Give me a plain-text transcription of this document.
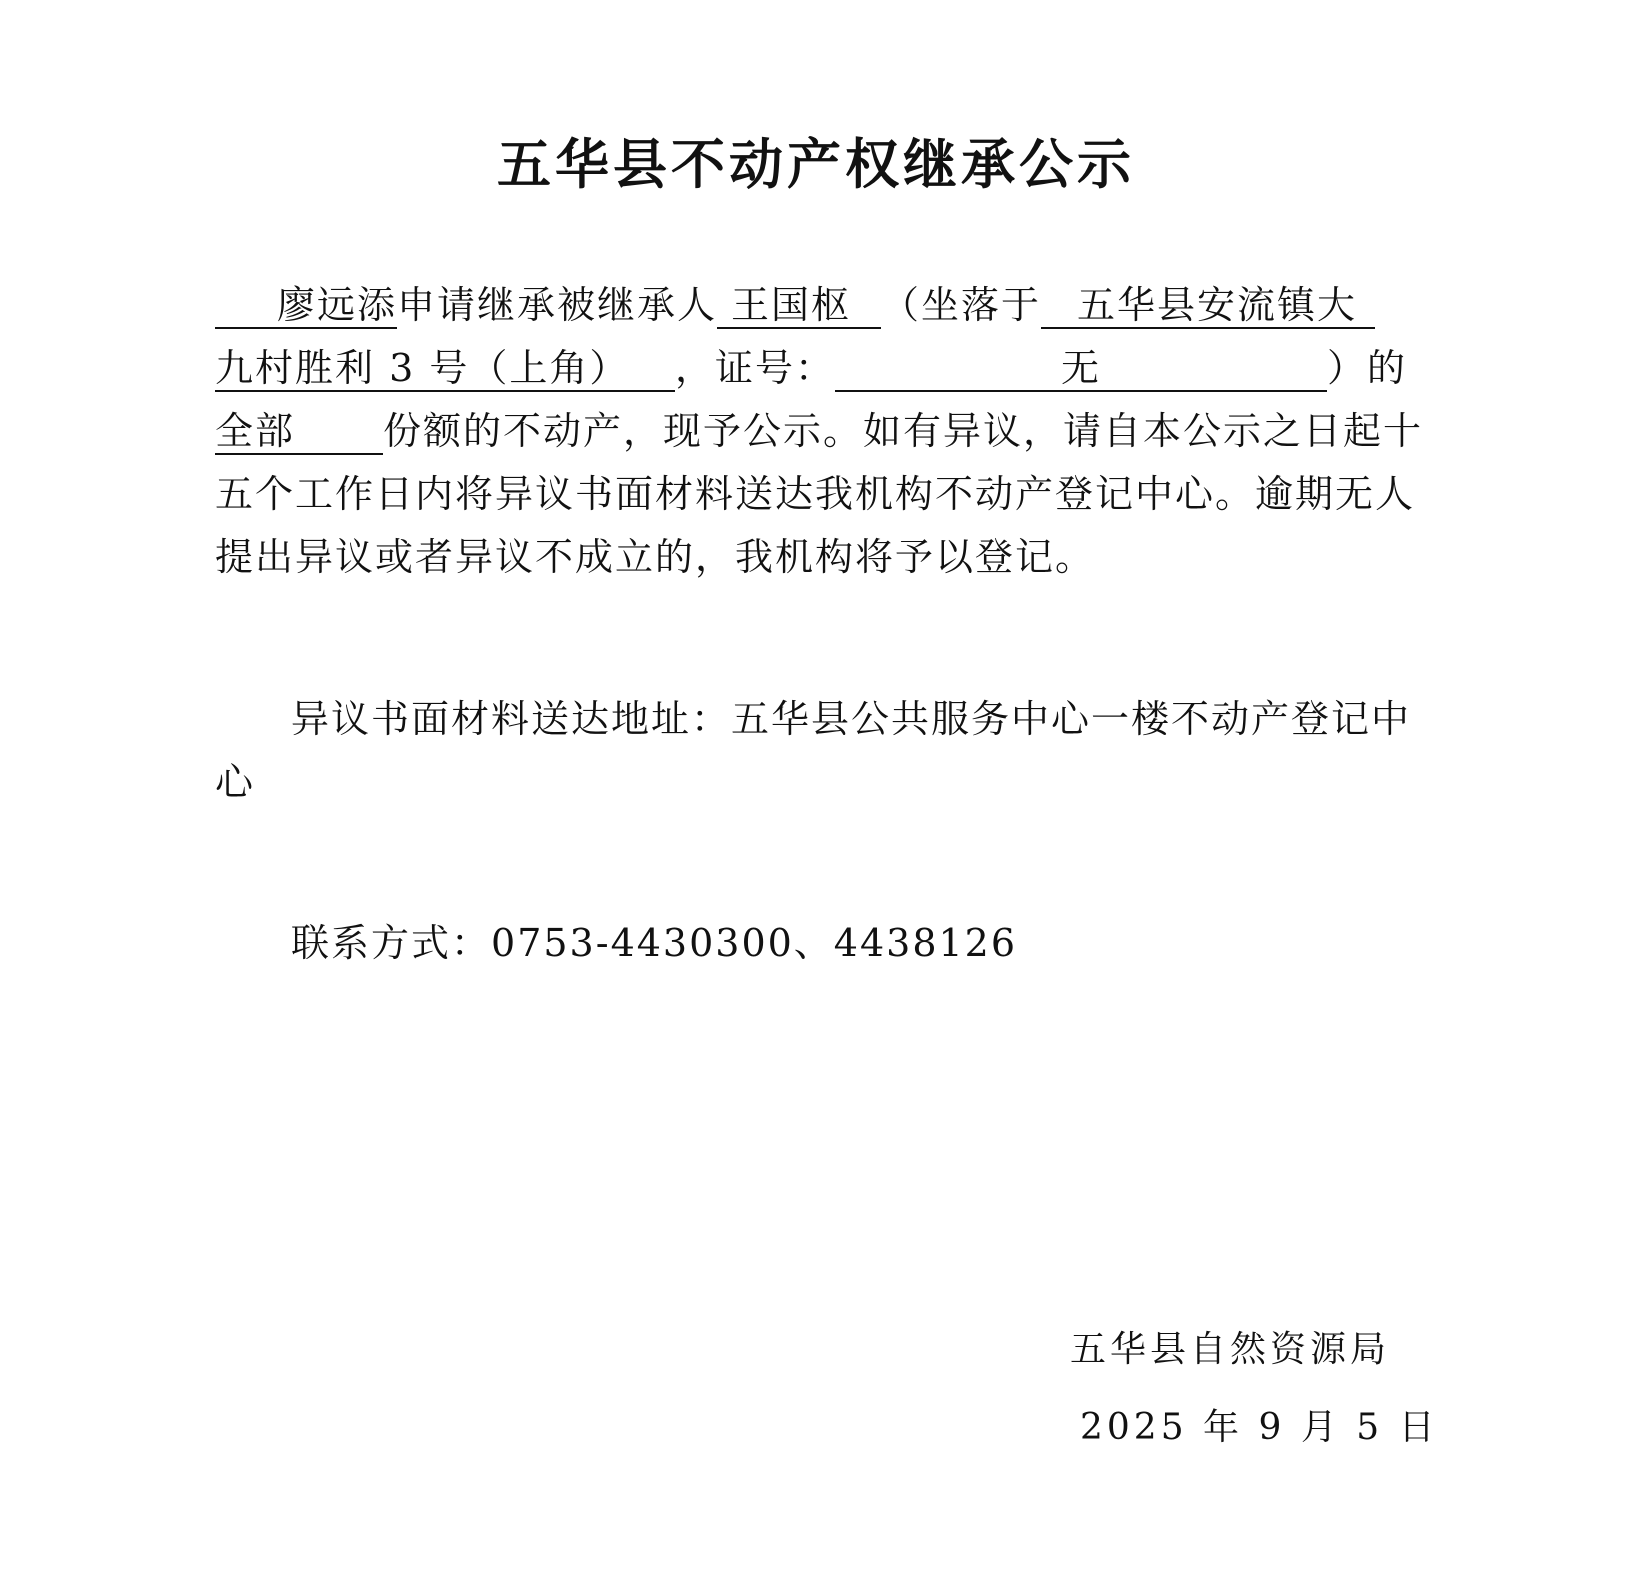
五华县不动产权继承公示
廖远添申请继承被继承人 王国枢 （坐落于 五华县安流镇大九村胜利 3 号（上角） ，证号：	无	）的全部 份额的不动产，现予公示。如有异议，请自本公示之日起十五个工作日内将异议书面材料送达我机构不动产登记中心。逾期无人提出异议或者异议不成立的，我机构将予以登记。
异议书面材料送达地址：五华县公共服务中心一楼不动产登记中心
联系方式：0753-4430300、4438126
五华县自然资源局
2025 年 9 月 5 日
